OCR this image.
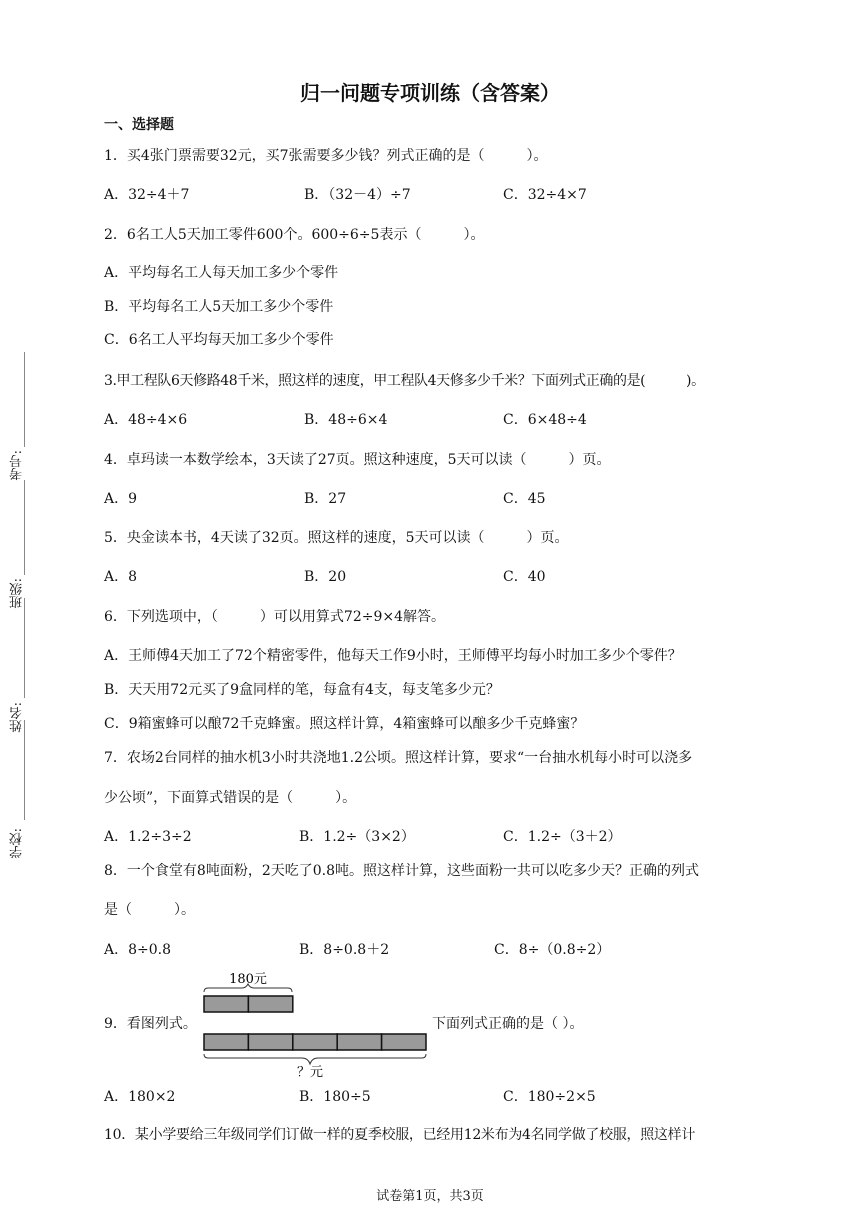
学校:
姓名:
班级:
考号:
归一问题专项训练（含答案）
一、选择题
1．买4张门票需要32元，买7张需要多少钱？列式正确的是（　　　）。
A．32÷4＋7	B．（32－4）÷7	C．32÷4×7
2．6名工人5天加工零件600个。600÷6÷5表示（　　　）。
A．平均每名工人每天加工多少个零件
B．平均每名工人5天加工多少个零件
C．6名工人平均每天加工多少个零件
3.甲工程队6天修路48千米，照这样的速度，甲工程队4天修多少千米？下面列式正确的是(　　　)。
A．48÷4×6	B．48÷6×4	C．6×48÷4
4．卓玛读一本数学绘本，3天读了27页。照这种速度，5天可以读（　　　）页。
A．9	B．27	C．45
5．央金读本书，4天读了32页。照这样的速度，5天可以读（　　　）页。
A．8	B．20	C．40
6．下列选项中，（　　　）可以用算式72÷9×4解答。
A．王师傅4天加工了72个精密零件，他每天工作9小时，王师傅平均每小时加工多少个零件？
B．天天用72元买了9盒同样的笔，每盒有4支，每支笔多少元？
C．9箱蜜蜂可以酿72千克蜂蜜。照这样计算，4箱蜜蜂可以酿多少千克蜂蜜？
7．农场2台同样的抽水机3小时共浇地1.2公顷。照这样计算，要求“一台抽水机每小时可以浇多
少公顷”，下面算式错误的是（　　　）。
A．1.2÷3÷2	B．1.2÷（3×2）	C．1.2÷（3＋2）
8．一个食堂有8吨面粉，2天吃了0.8吨。照这样计算，这些面粉一共可以吃多少天？正确的列式
是（　　　）。
A．8÷0.8	B．8÷0.8＋2	C．8÷（0.8÷2）
9．看图列式。
180元
？元
下面列式正确的是（ ）。
A．180×2	B．180÷5	C．180÷2×5
10．某小学要给三年级同学们订做一样的夏季校服，已经用12米布为4名同学做了校服，照这样计
试卷第1页，共3页
